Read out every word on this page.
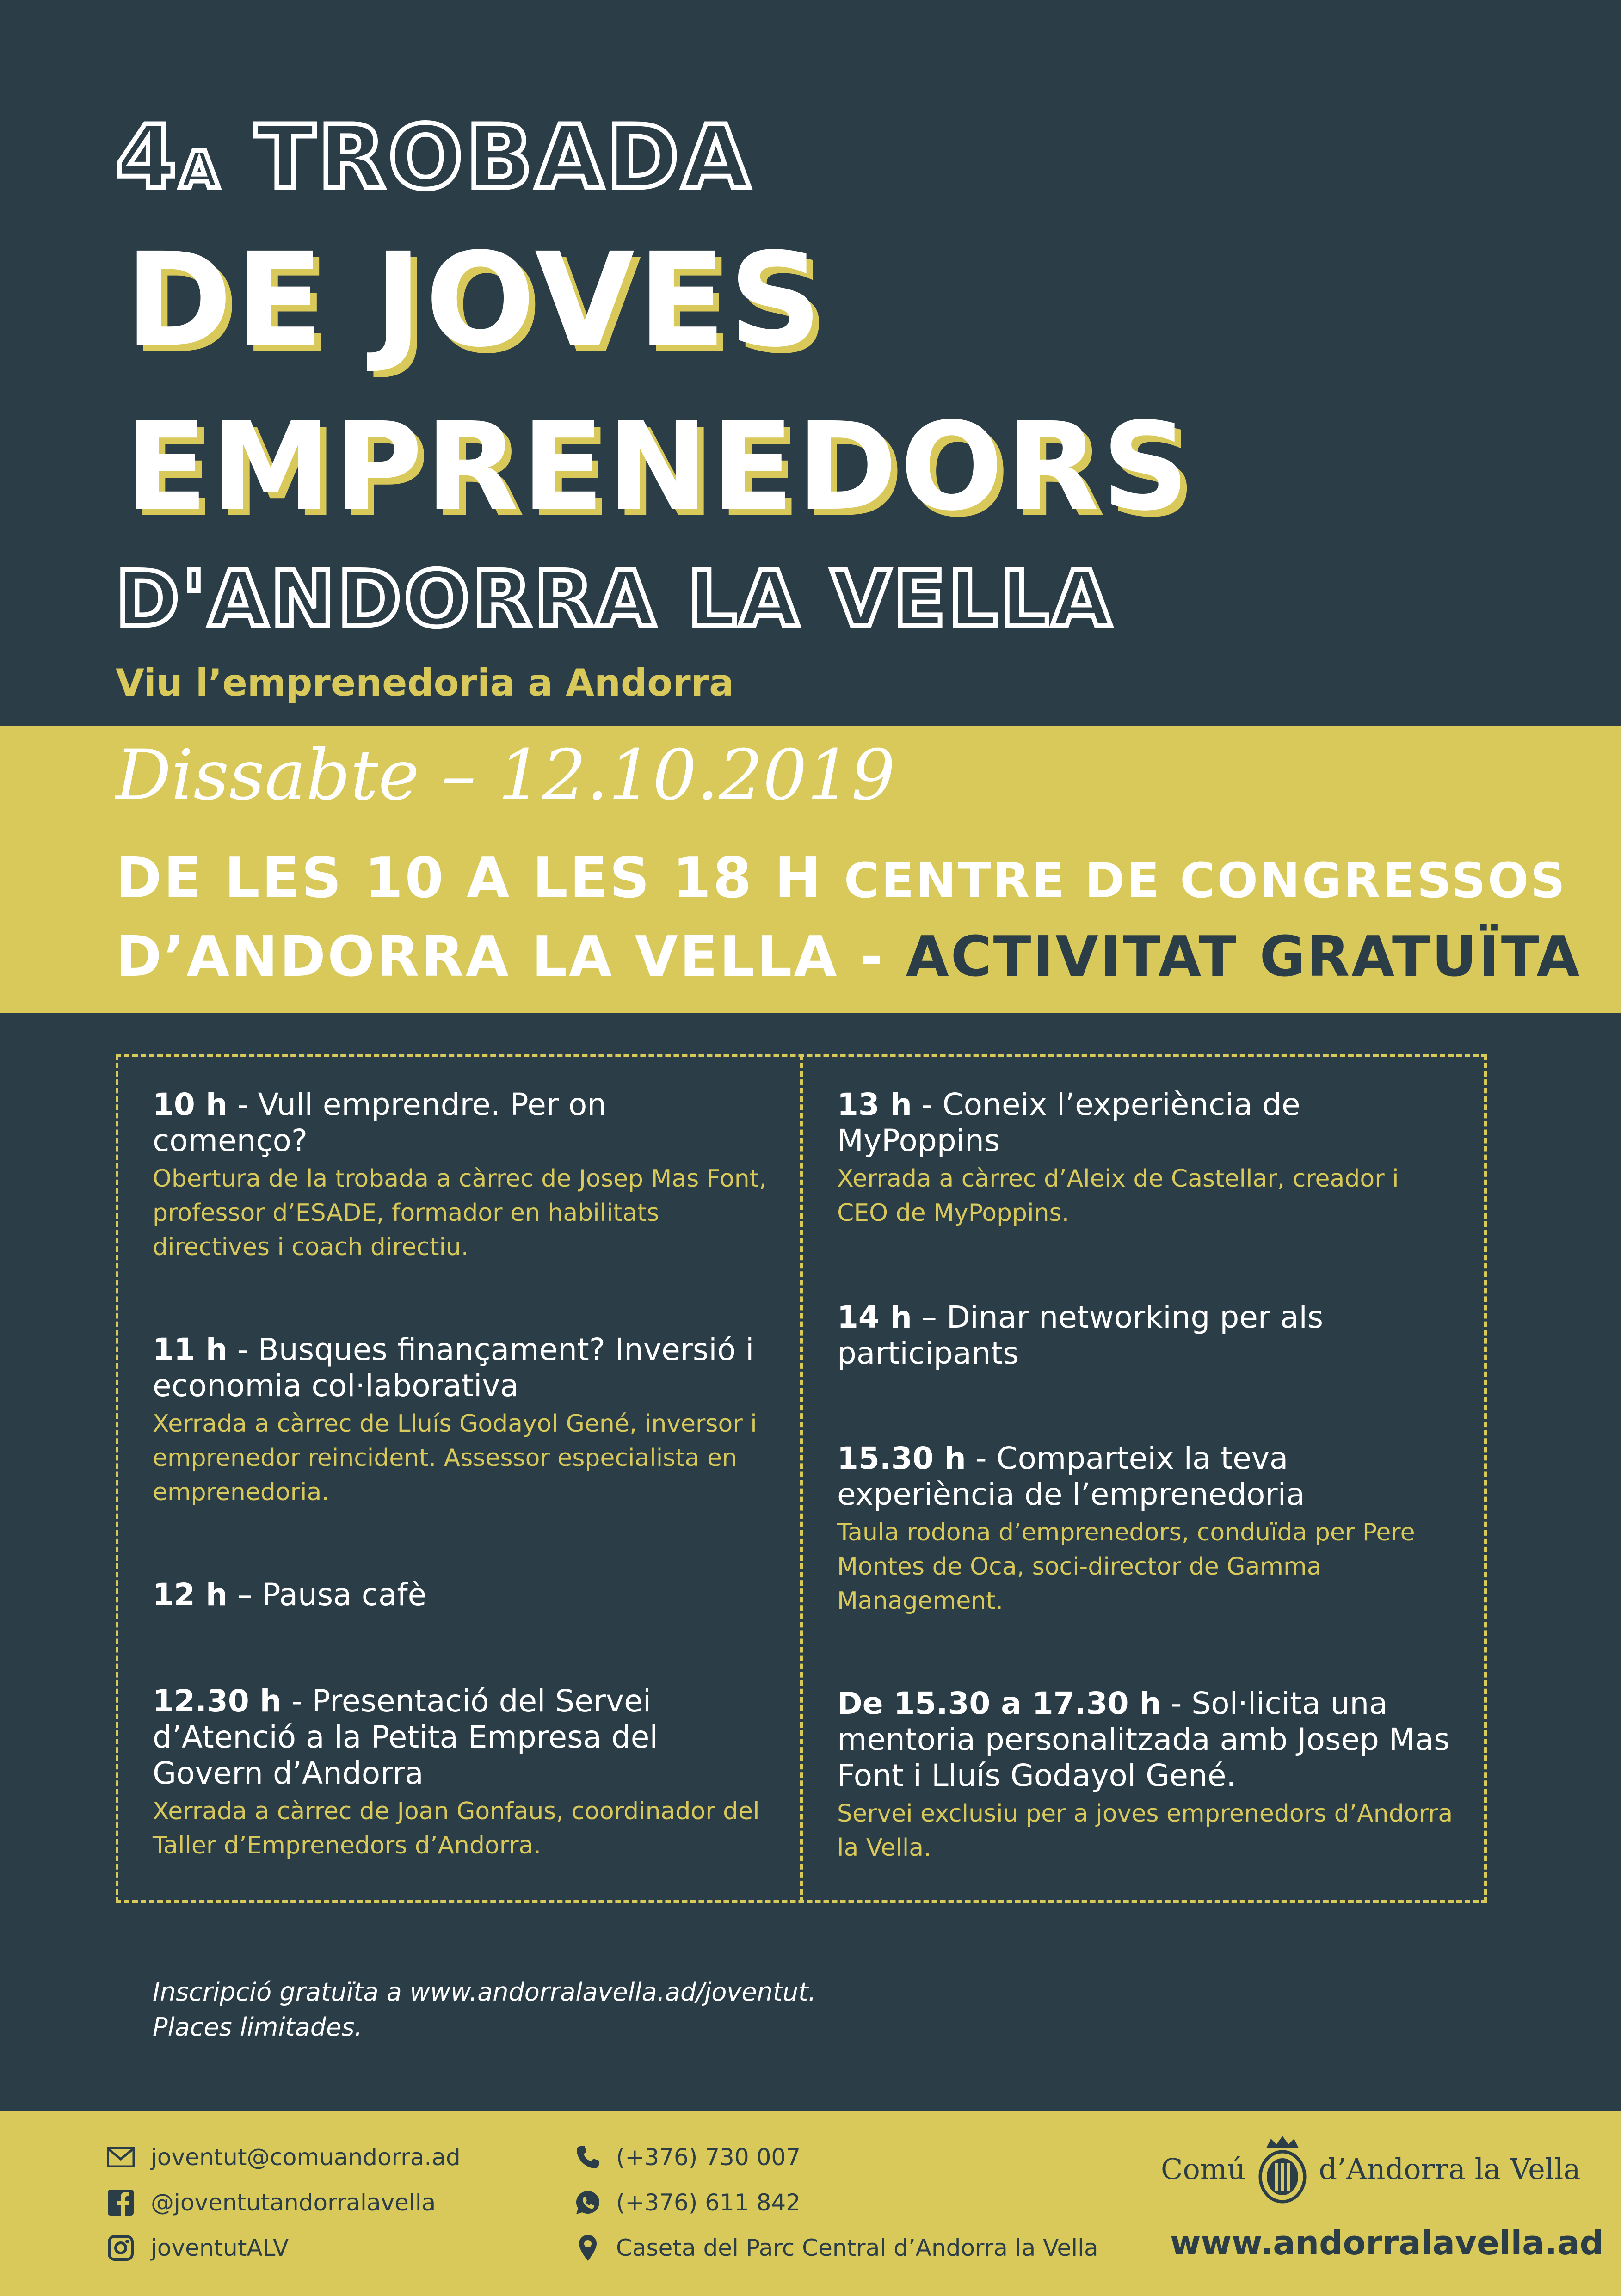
4A TROBADA
DE JOVES
EMPRENEDORS
D'ANDORRA LA VELLA
Viu l’emprenedoria a Andorra
Dissabte – 12.10.2019
DE LES 10 A LES 18 H CENTRE DE CONGRESSOS
D’ANDORRA LA VELLA - ACTIVITAT GRATUÏTA
10 h - Vull emprendre. Per on començo?
Obertura de la trobada a càrrec de Josep Mas Font, professor d’ESADE, formador en habilitats directives i coach directiu.
11 h - Busques finançament? Inversió i economia col·laborativa
Xerrada a càrrec de Lluís Godayol Gené, inversor i emprenedor reincident. Assessor especialista en emprenedoria.
12 h – Pausa cafè
12.30 h - Presentació del Servei d’Atenció a la Petita Empresa del Govern d’Andorra
Xerrada a càrrec de Joan Gonfaus, coordinador del Taller d’Emprenedors d’Andorra.
13 h - Coneix l’experiència de MyPoppins
Xerrada a càrrec d’Aleix de Castellar, creador i CEO de MyPoppins.
14 h – Dinar networking per als participants
15.30 h - Comparteix la teva experiència de l’emprenedoria
Taula rodona d’emprenedors, conduïda per Pere Montes de Oca, soci-director de Gamma Management.
De 15.30 a 17.30 h - Sol·licita una mentoria personalitzada amb Josep Mas Font i Lluís Godayol Gené.
Servei exclusiu per a joves emprenedors d’Andorra la Vella.
Inscripció gratuïta a www.andorralavella.ad/joventut.
Places limitades.
joventut@comuandorra.ad
@joventutandorralavella
joventutALV
(+376) 730 007
(+376) 611 842
Caseta del Parc Central d’Andorra la Vella
Comú	d’Andorra la Vella
www.andorralavella.ad
